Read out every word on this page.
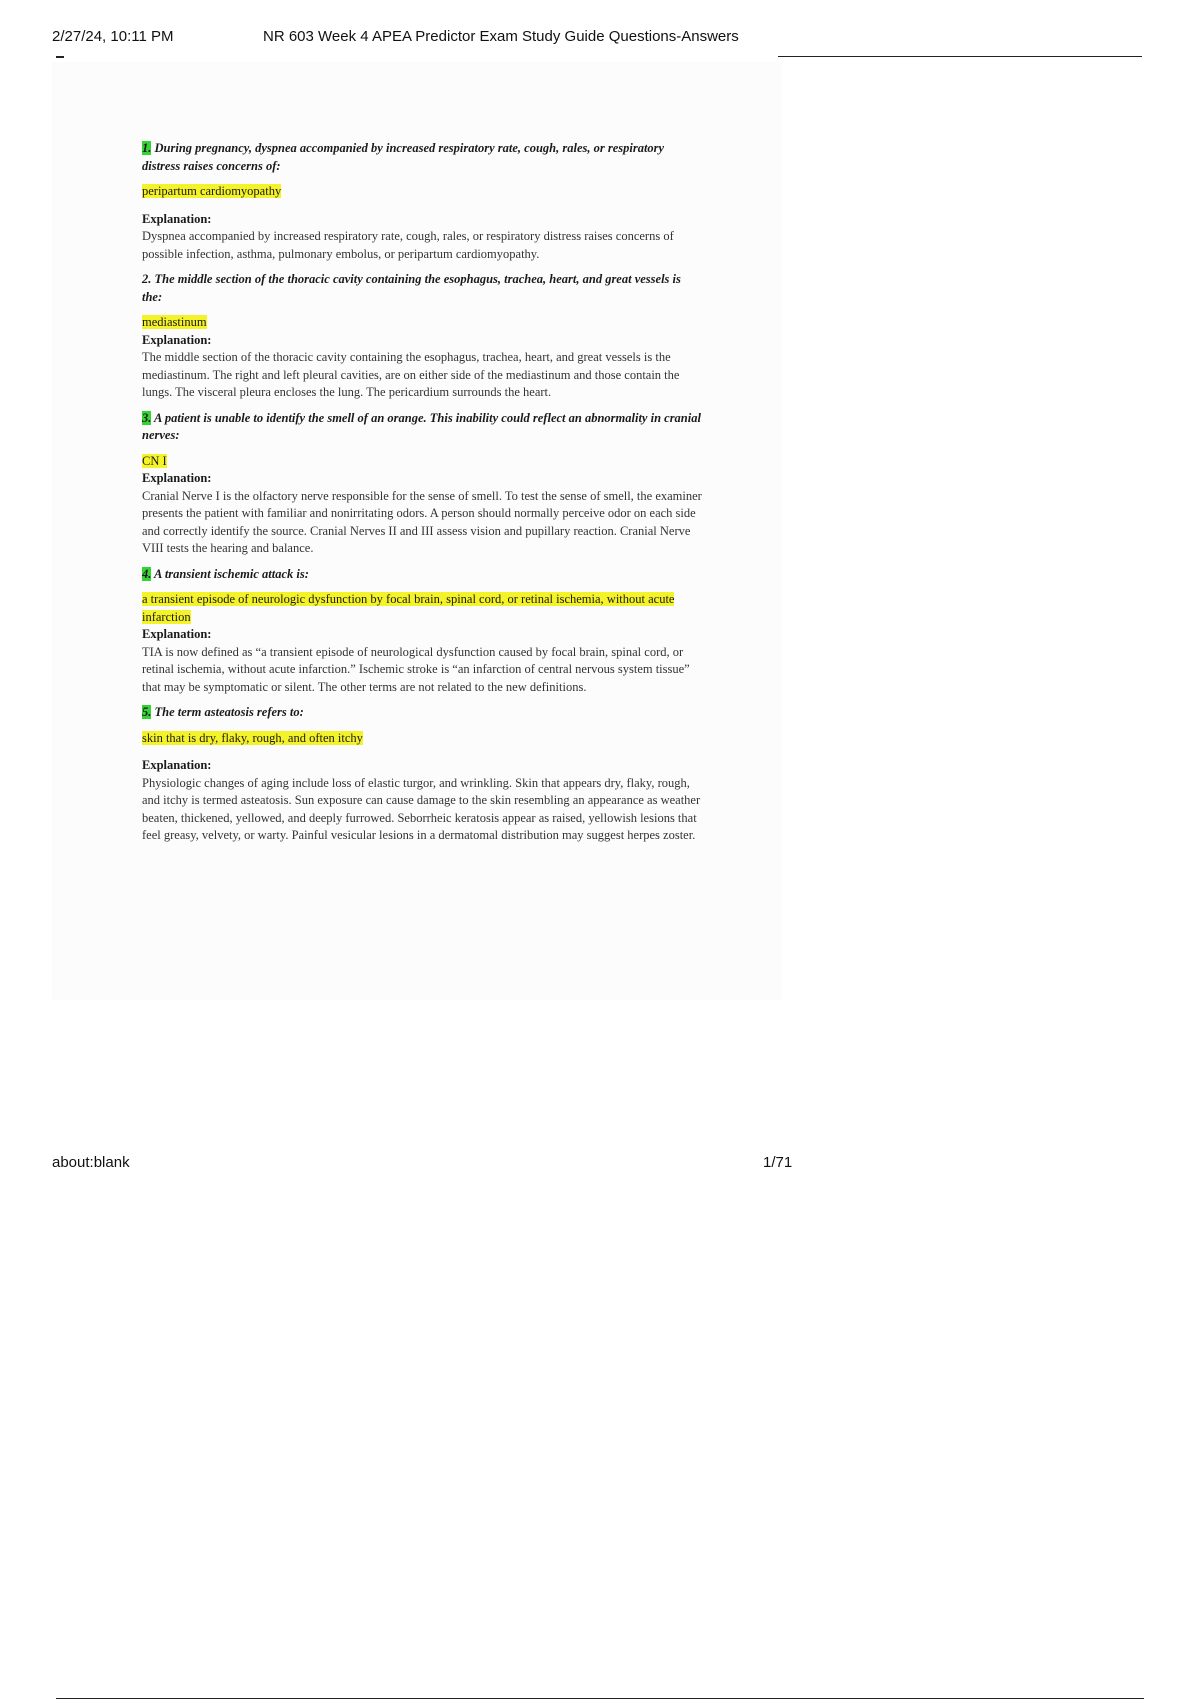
2/27/24, 10:11 PM	NR 603 Week 4 APEA Predictor Exam Study Guide Questions-Answers

1. During pregnancy, dyspnea accompanied by increased respiratory rate, cough, rales, or respiratory distress raises concerns of:

peripartum cardiomyopathy

Explanation:

Dyspnea accompanied by increased respiratory rate, cough, rales, or respiratory distress raises concerns of possible infection, asthma, pulmonary embolus, or peripartum cardiomyopathy.

2. The middle section of the thoracic cavity containing the esophagus, trachea, heart, and great vessels is the:

mediastinum

Explanation:

The middle section of the thoracic cavity containing the esophagus, trachea, heart, and great vessels is the mediastinum. The right and left pleural cavities, are on either side of the mediastinum and those contain the lungs. The visceral pleura encloses the lung. The pericardium surrounds the heart.

3. A patient is unable to identify the smell of an orange. This inability could reflect an abnormality in cranial nerves:

CN I

Explanation:

Cranial Nerve I is the olfactory nerve responsible for the sense of smell. To test the sense of smell, the examiner presents the patient with familiar and nonirritating odors. A person should normally perceive odor on each side and correctly identify the source. Cranial Nerves II and III assess vision and pupillary reaction. Cranial Nerve VIII tests the hearing and balance.

4. A transient ischemic attack is:

a transient episode of neurologic dysfunction by focal brain, spinal cord, or retinal ischemia, without acute infarction

Explanation:

TIA is now defined as “a transient episode of neurological dysfunction caused by focal brain, spinal cord, or retinal ischemia, without acute infarction.” Ischemic stroke is “an infarction of central nervous system tissue” that may be symptomatic or silent. The other terms are not related to the new definitions.

5. The term asteatosis refers to:

skin that is dry, flaky, rough, and often itchy

Explanation:

Physiologic changes of aging include loss of elastic turgor, and wrinkling. Skin that appears dry, flaky, rough, and itchy is termed asteatosis. Sun exposure can cause damage to the skin resembling an appearance as weather beaten, thickened, yellowed, and deeply furrowed. Seborrheic keratosis appear as raised, yellowish lesions that feel greasy, velvety, or warty. Painful vesicular lesions in a dermatomal distribution may suggest herpes zoster.

about:blank	1/71
